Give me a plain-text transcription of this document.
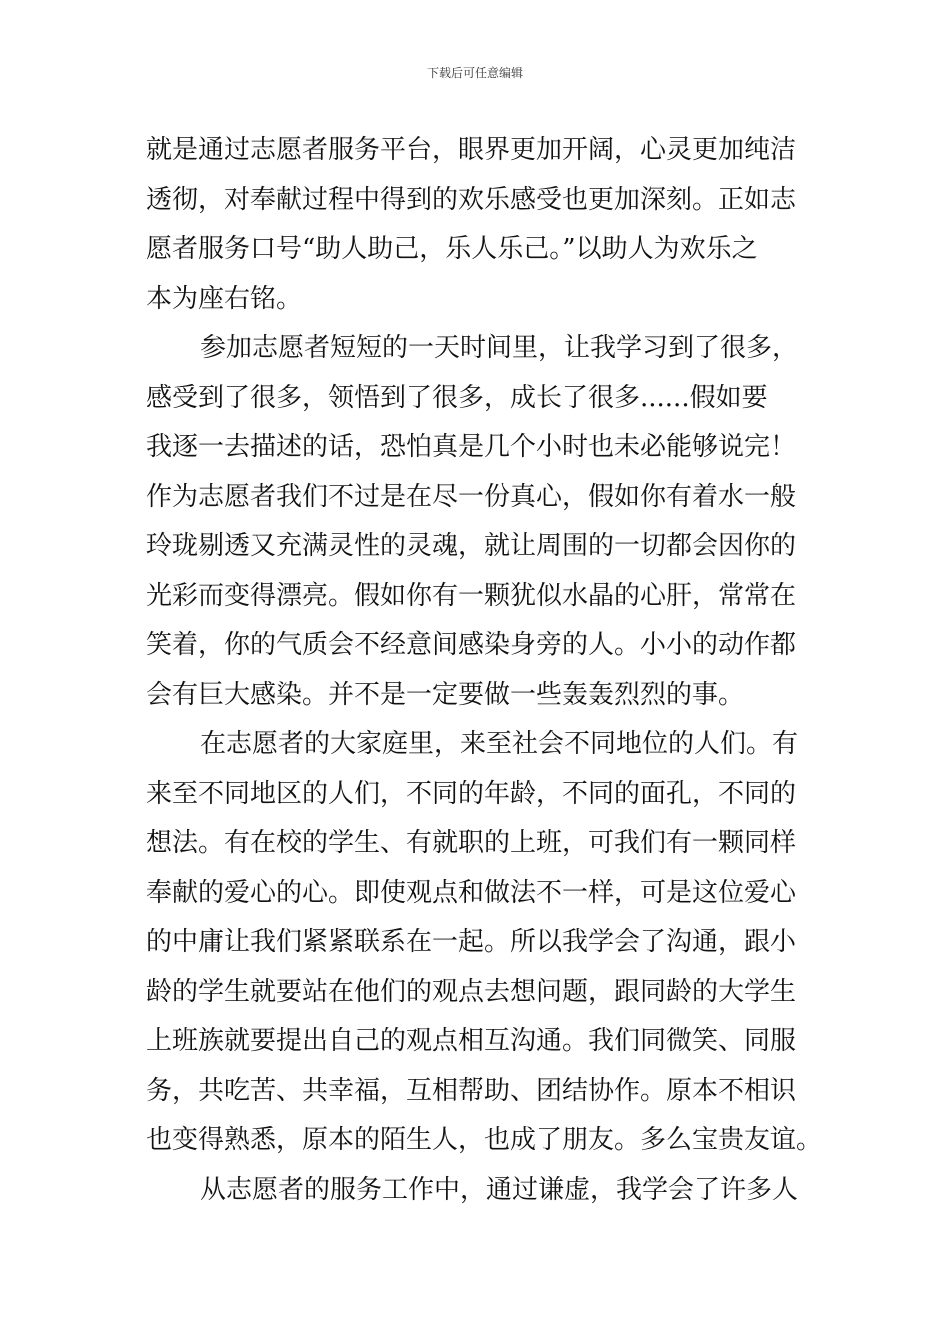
下载后可任意编辑
就是通过志愿者服务平台，眼界更加开阔，心灵更加纯洁
透彻，对奉献过程中得到的欢乐感受也更加深刻。正如志
愿者服务口号“助人助己，乐人乐己。”以助人为欢乐之
本为座右铭。
参加志愿者短短的一天时间里，让我学习到了很多，
感受到了很多，领悟到了很多，成长了很多......假如要
我逐一去描述的话，恐怕真是几个小时也未必能够说完！
作为志愿者我们不过是在尽一份真心，假如你有着水一般
玲珑剔透又充满灵性的灵魂，就让周围的一切都会因你的
光彩而变得漂亮。假如你有一颗犹似水晶的心肝，常常在
笑着，你的气质会不经意间感染身旁的人。小小的动作都
会有巨大感染。并不是一定要做一些轰轰烈烈的事。
在志愿者的大家庭里，来至社会不同地位的人们。有
来至不同地区的人们，不同的年龄，不同的面孔，不同的
想法。有在校的学生、有就职的上班，可我们有一颗同样
奉献的爱心的心。即使观点和做法不一样，可是这位爱心
的中庸让我们紧紧联系在一起。所以我学会了沟通，跟小
龄的学生就要站在他们的观点去想问题，跟同龄的大学生
上班族就要提出自己的观点相互沟通。我们同微笑、同服
务，共吃苦、共幸福，互相帮助、团结协作。原本不相识
也变得熟悉，原本的陌生人，也成了朋友。多么宝贵友谊。
从志愿者的服务工作中，通过谦虚，我学会了许多人
